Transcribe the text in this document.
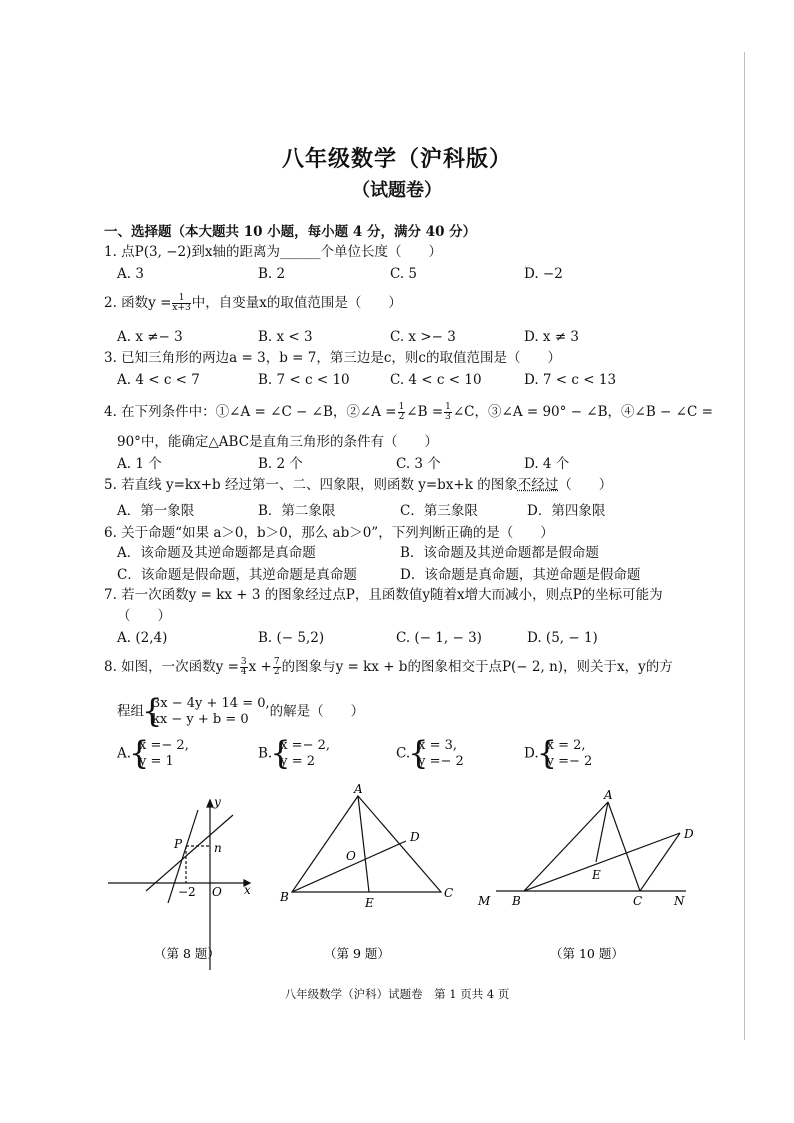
八年级数学（沪科版）
（试题卷）
一、选择题（本大题共 10 小题，每小题 4 分，满分 40 分）
1. 点P(3, −2)到x轴的距离为______个单位长度（　　）
A. 3	B. 2	C. 5	D. −2
2. 函数$y = \frac{1}{x+3}$ 中，自变量x的取值范围是（　　）
A. x ≠− 3	B. x < 3	C. x >− 3	D. x ≠ 3
3. 已知三角形的两边a = 3，b = 7，第三边是c，则c的取值范围是（　　）
A. 4 < c < 7	B. 7 < c < 10	C. 4 < c < 10	D. 7 < c < 13
4. 在下列条件中：①∠A = ∠C − ∠B，②∠A = $\frac{1}{2}$ ∠B = $\frac{1}{3}$ ∠C，③∠A = 90° − ∠B，④∠B − ∠C =
90°中，能确定△ABC是直角三角形的条件有（　　）
A. 1 个	B. 2 个	C. 3 个	D. 4 个
5. 若直线 y=kx+b 经过第一、二、四象限，则函数 y=bx+k 的图象不经过（　　）
A．第一象限	B．第二象限	C．第三象限	D．第四象限
6. 关于命题“如果 a＞0，b＞0，那么 ab＞0”，下列判断正确的是（　　）
A．该命题及其逆命题都是真命题	B．该命题及其逆命题都是假命题
C．该命题是假命题，其逆命题是真命题	D．该命题是真命题，其逆命题是假命题
7. 若一次函数y = kx + 3 的图象经过点P，且函数值y随着x增大而减小，则点P的坐标可能为
（　　）
A. (2,4)	B. (− 5,2)	C. (− 1, − 3)	D. (5, − 1)
8. 如图，一次函数$y = \frac{3}{4}$ $x + \frac{7}{2}$ 的图象与y = kx + b的图象相交于点P(− 2, n)，则关于x，y的方
程组 { 3x − 4y + 14 = 0,
kx − y + b = 0	的解是（　　）
A. { x =− 2,
y = 1	B. { x =− 2,
y = 2	C. { x = 3,
y =− 2	D. { x = 2,
y =− 2
y
x
P	n
−2 O
（第 8 题）
A
B	C
D
E
O
（第 9 题）
A
B	C
D
E
M	N
（第 10 题）
八年级数学（沪科）试题卷　第 1 页共 4 页
